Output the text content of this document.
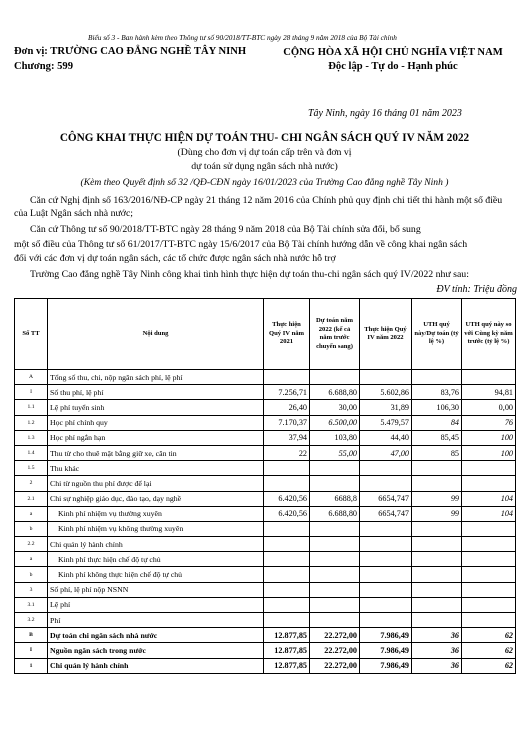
Biểu số 3 - Ban hành kèm theo Thông tư số 90/2018/TT-BTC ngày 28 tháng 9 năm 2018 của Bộ Tài chính
Đơn vị: TRƯỜNG CAO ĐẲNG NGHỀ TÂY NINH
Chương: 599
CỘNG HÒA XÃ HỘI CHỦ NGHĨA VIỆT NAM
Độc lập - Tự do - Hạnh phúc
Tây Ninh, ngày 16 tháng 01 năm 2023
CÔNG KHAI THỰC HIỆN DỰ TOÁN THU- CHI NGÂN SÁCH QUÝ IV NĂM 2022
(Dùng cho đơn vị dự toán cấp trên và đơn vị
dự toán sử dụng ngân sách nhà nước)
(Kèm theo Quyết định số 32 /QĐ-CĐN ngày 16/01/2023 của Trường Cao đẳng nghề Tây Ninh )
Căn cứ Nghị định số 163/2016/NĐ-CP ngày 21 tháng 12 năm 2016 của Chính phủ quy định chi tiết thi hành một số điều của Luật Ngân sách nhà nước;
Căn cứ Thông tư số 90/2018/TT-BTC ngày 28 tháng 9 năm 2018 của Bộ Tài chính sửa đổi, bổ sung
một số điều của Thông tư số 61/2017/TT-BTC ngày 15/6/2017 của Bộ Tài chính hướng dẫn về công khai ngân sách
đối với các đơn vị dự toán ngân sách, các tổ chức được ngân sách nhà nước hỗ trợ
Trường Cao đẳng nghề Tây Ninh công khai tình hình thực hiện dự toán thu-chi ngân sách quý IV/2022 như sau:
ĐV tính: Triệu đồng
Số TT	Nội dung	Thực hiện Quý IV năm 2021	Dự toán năm 2022 (kể cả năm trước chuyển sang)	Thực hiện Quý IV năm 2022	UTH quý này/Dự toán (tỷ lệ %)	UTH quý này so với Cùng kỳ năm trước (tỷ lệ %)
A	Tổng số thu, chi, nộp ngân sách phí, lệ phí					
I	Số thu phí, lệ phí	7.256,71	6.688,80	5.602,86	83,76	94,81
1.1	Lệ phí tuyển sinh	26,40	30,00	31,89	106,30	0,00
1.2	Học phí chính quy	7.170,37	6.500,00	5.479,57	84	76
1.3	Học phí ngắn hạn	37,94	103,80	44,40	85,45	100
1.4	Thu từ cho thuê mặt bằng giữ xe, căn tin	22	55,00	47,00	85	100
1.5	Thu khác					
2	Chi từ nguồn thu phí được để lại					
2.1	Chi sự nghiệp giáo dục, đào tạo, dạy nghề	6.420,56	6688,8	6654,747	99	104
a	Kinh phí nhiệm vụ thường xuyên	6.420,56	6.688,80	6654,747	99	104
b	Kinh phí nhiệm vụ không thường xuyên					
2.2	Chi quản lý hành chính					
a	Kinh phí thực hiện chế độ tự chủ					
b	Kinh phí không thực hiện chế độ tự chủ					
3	Số phí, lệ phí nộp NSNN					
3.1	Lệ phí					
3.2	Phí					
B	Dự toán chi ngân sách nhà nước	12.877,85	22.272,00	7.986,49	36	62
I	Nguồn ngân sách trong nước	12.877,85	22.272,00	7.986,49	36	62
1	Chi quản lý hành chính	12.877,85	22.272,00	7.986,49	36	62
